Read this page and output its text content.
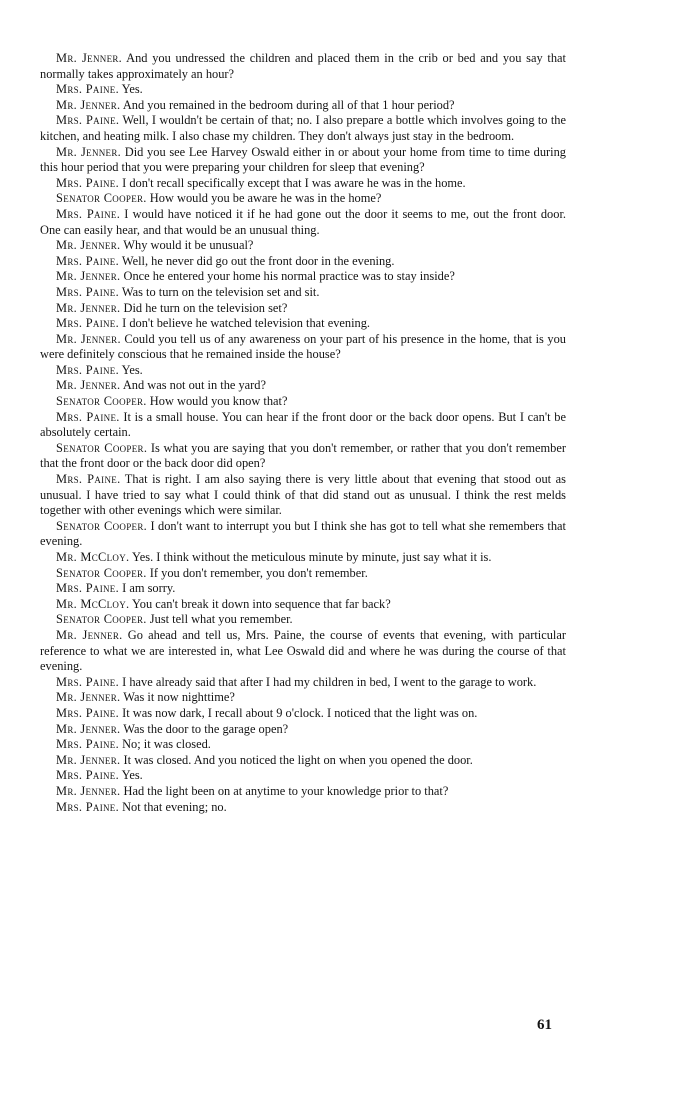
Mr. Jenner. And you undressed the children and placed them in the crib or bed and you say that normally takes approximately an hour?

Mrs. Paine. Yes.

Mr. Jenner. And you remained in the bedroom during all of that 1 hour period?

Mrs. Paine. Well, I wouldn't be certain of that; no. I also prepare a bottle which involves going to the kitchen, and heating milk. I also chase my children. They don't always just stay in the bedroom.

Mr. Jenner. Did you see Lee Harvey Oswald either in or about your home from time to time during this hour period that you were preparing your children for sleep that evening?

Mrs. Paine. I don't recall specifically except that I was aware he was in the home.

Senator Cooper. How would you be aware he was in the home?

Mrs. Paine. I would have noticed it if he had gone out the door it seems to me, out the front door. One can easily hear, and that would be an unusual thing.

Mr. Jenner. Why would it be unusual?

Mrs. Paine. Well, he never did go out the front door in the evening.

Mr. Jenner. Once he entered your home his normal practice was to stay inside?

Mrs. Paine. Was to turn on the television set and sit.

Mr. Jenner. Did he turn on the television set?

Mrs. Paine. I don't believe he watched television that evening.

Mr. Jenner. Could you tell us of any awareness on your part of his presence in the home, that is you were definitely conscious that he remained inside the house?

Mrs. Paine. Yes.

Mr. Jenner. And was not out in the yard?

Senator Cooper. How would you know that?

Mrs. Paine. It is a small house. You can hear if the front door or the back door opens. But I can't be absolutely certain.

Senator Cooper. Is what you are saying that you don't remember, or rather that you don't remember that the front door or the back door did open?

Mrs. Paine. That is right. I am also saying there is very little about that evening that stood out as unusual. I have tried to say what I could think of that did stand out as unusual. I think the rest melds together with other evenings which were similar.

Senator Cooper. I don't want to interrupt you but I think she has got to tell what she remembers that evening.

Mr. McCloy. Yes. I think without the meticulous minute by minute, just say what it is.

Senator Cooper. If you don't remember, you don't remember.

Mrs. Paine. I am sorry.

Mr. McCloy. You can't break it down into sequence that far back?

Senator Cooper. Just tell what you remember.

Mr. Jenner. Go ahead and tell us, Mrs. Paine, the course of events that evening, with particular reference to what we are interested in, what Lee Oswald did and where he was during the course of that evening.

Mrs. Paine. I have already said that after I had my children in bed, I went to the garage to work.

Mr. Jenner. Was it now nighttime?

Mrs. Paine. It was now dark, I recall about 9 o'clock. I noticed that the light was on.

Mr. Jenner. Was the door to the garage open?

Mrs. Paine. No; it was closed.

Mr. Jenner. It was closed. And you noticed the light on when you opened the door.

Mrs. Paine. Yes.

Mr. Jenner. Had the light been on at anytime to your knowledge prior to that?

Mrs. Paine. Not that evening; no.

61
